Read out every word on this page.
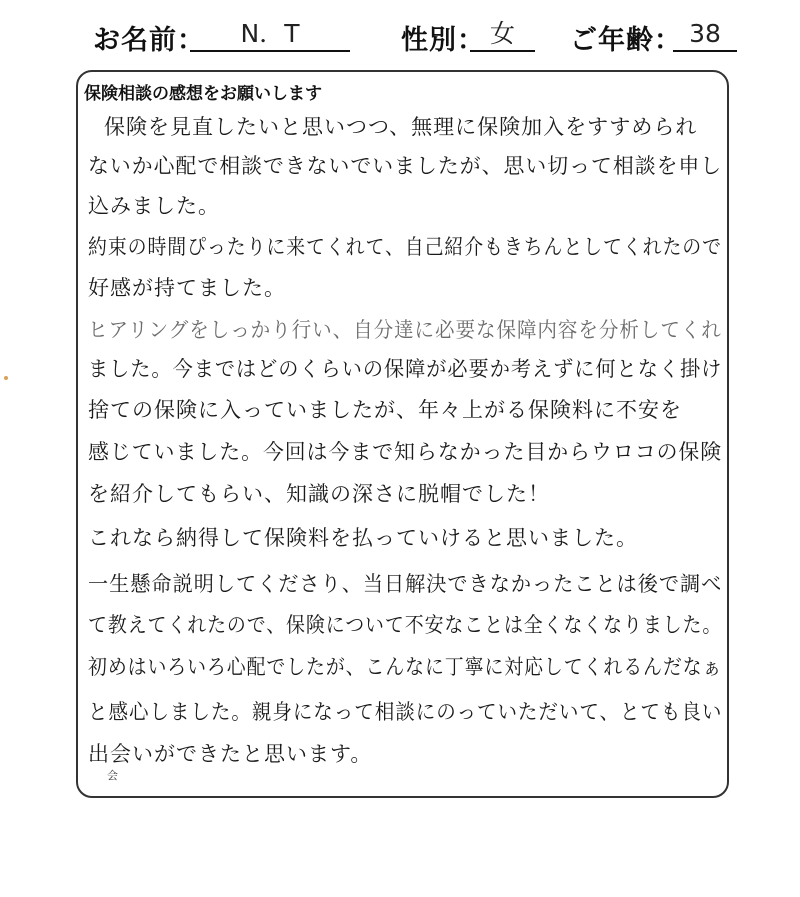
お名前：	N．T	性別： 女	ご年齢： 38
保険相談の感想をお願いします
保険を見直したいと思いつつ、無理に保険加入をすすめられ
ないか心配で相談できないでいましたが、思い切って相談を申し
込みました。
約束の時間ぴったりに来てくれて、自己紹介もきちんとしてくれたので
好感が持てました。
ヒアリングをしっかり行い、自分達に必要な保障内容を分析してくれ
ました。今まではどのくらいの保障が必要か考えずに何となく掛け
捨ての保険に入っていましたが、年々上がる保険料に不安を
感じていました。今回は今まで知らなかった目からウロコの保険
を紹介してもらい、知識の深さに脱帽でした！
これなら納得して保険料を払っていけると思いました。
一生懸命説明してくださり、当日解決できなかったことは後で調べ
て教えてくれたので、保険について不安なことは全くなくなりました。
初めはいろいろ心配でしたが、こんなに丁寧に対応してくれるんだなぁ
と感心しました。親身になって相談にのっていただいて、とても良い
出会いができたと思います。
会
